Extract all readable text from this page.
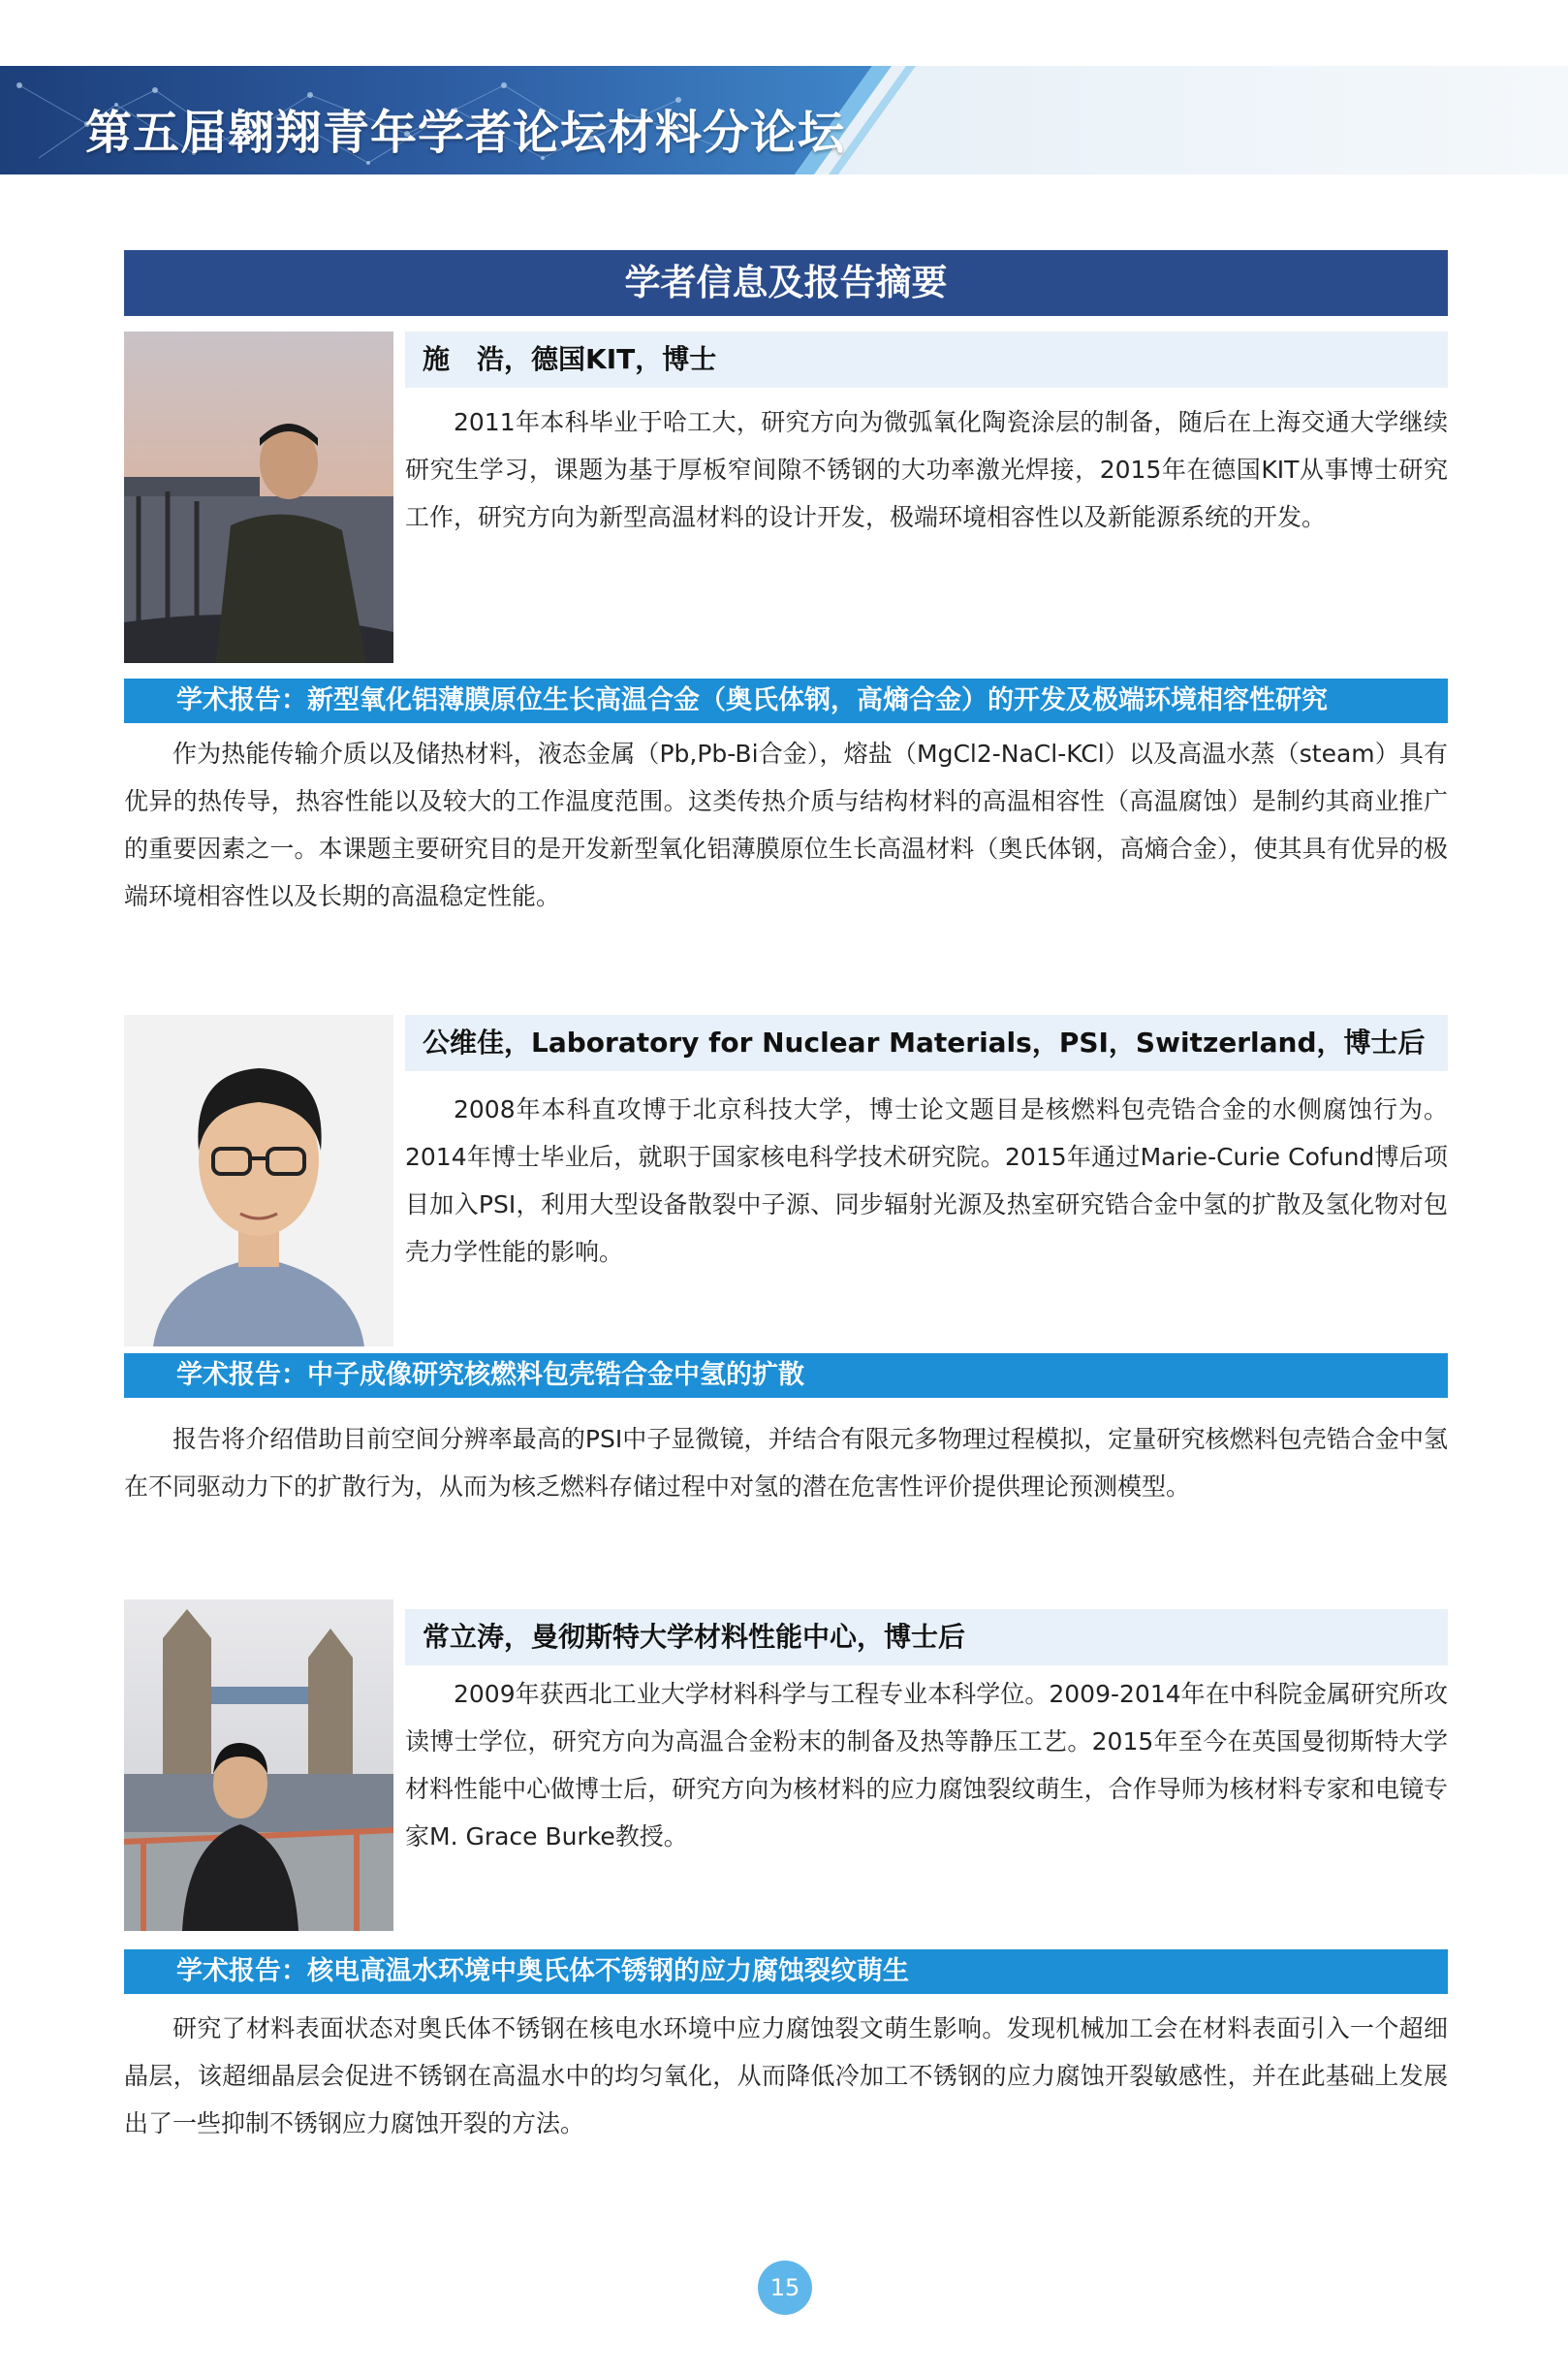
第五届翱翔青年学者论坛材料分论坛
学者信息及报告摘要
施　浩，德国KIT，博士
2011年本科毕业于哈工大，研究方向为微弧氧化陶瓷涂层的制备，随后在上海交通大学继续研究生学习，课题为基于厚板窄间隙不锈钢的大功率激光焊接，2015年在德国KIT从事博士研究工作，研究方向为新型高温材料的设计开发，极端环境相容性以及新能源系统的开发。
学术报告：新型氧化铝薄膜原位生长高温合金（奥氏体钢，高熵合金）的开发及极端环境相容性研究
作为热能传输介质以及储热材料，液态金属（Pb,Pb-Bi合金），熔盐（MgCl2-NaCl-KCl）以及高温水蒸（steam）具有优异的热传导，热容性能以及较大的工作温度范围。这类传热介质与结构材料的高温相容性（高温腐蚀）是制约其商业推广的重要因素之一。本课题主要研究目的是开发新型氧化铝薄膜原位生长高温材料（奥氏体钢，高熵合金），使其具有优异的极端环境相容性以及长期的高温稳定性能。
公维佳，Laboratory for Nuclear Materials，PSI，Switzerland，博士后
2008年本科直攻博于北京科技大学，博士论文题目是核燃料包壳锆合金的水侧腐蚀行为。2014年博士毕业后，就职于国家核电科学技术研究院。2015年通过Marie-Curie Cofund博后项目加入PSI，利用大型设备散裂中子源、同步辐射光源及热室研究锆合金中氢的扩散及氢化物对包壳力学性能的影响。
学术报告：中子成像研究核燃料包壳锆合金中氢的扩散
报告将介绍借助目前空间分辨率最高的PSI中子显微镜，并结合有限元多物理过程模拟，定量研究核燃料包壳锆合金中氢在不同驱动力下的扩散行为，从而为核乏燃料存储过程中对氢的潜在危害性评价提供理论预测模型。
常立涛，曼彻斯特大学材料性能中心，博士后
2009年获西北工业大学材料科学与工程专业本科学位。2009-2014年在中科院金属研究所攻读博士学位，研究方向为高温合金粉末的制备及热等静压工艺。2015年至今在英国曼彻斯特大学材料性能中心做博士后，研究方向为核材料的应力腐蚀裂纹萌生，合作导师为核材料专家和电镜专家M. Grace Burke教授。
学术报告：核电高温水环境中奥氏体不锈钢的应力腐蚀裂纹萌生
研究了材料表面状态对奥氏体不锈钢在核电水环境中应力腐蚀裂文萌生影响。发现机械加工会在材料表面引入一个超细晶层，该超细晶层会促进不锈钢在高温水中的均匀氧化，从而降低冷加工不锈钢的应力腐蚀开裂敏感性，并在此基础上发展出了一些抑制不锈钢应力腐蚀开裂的方法。
15
